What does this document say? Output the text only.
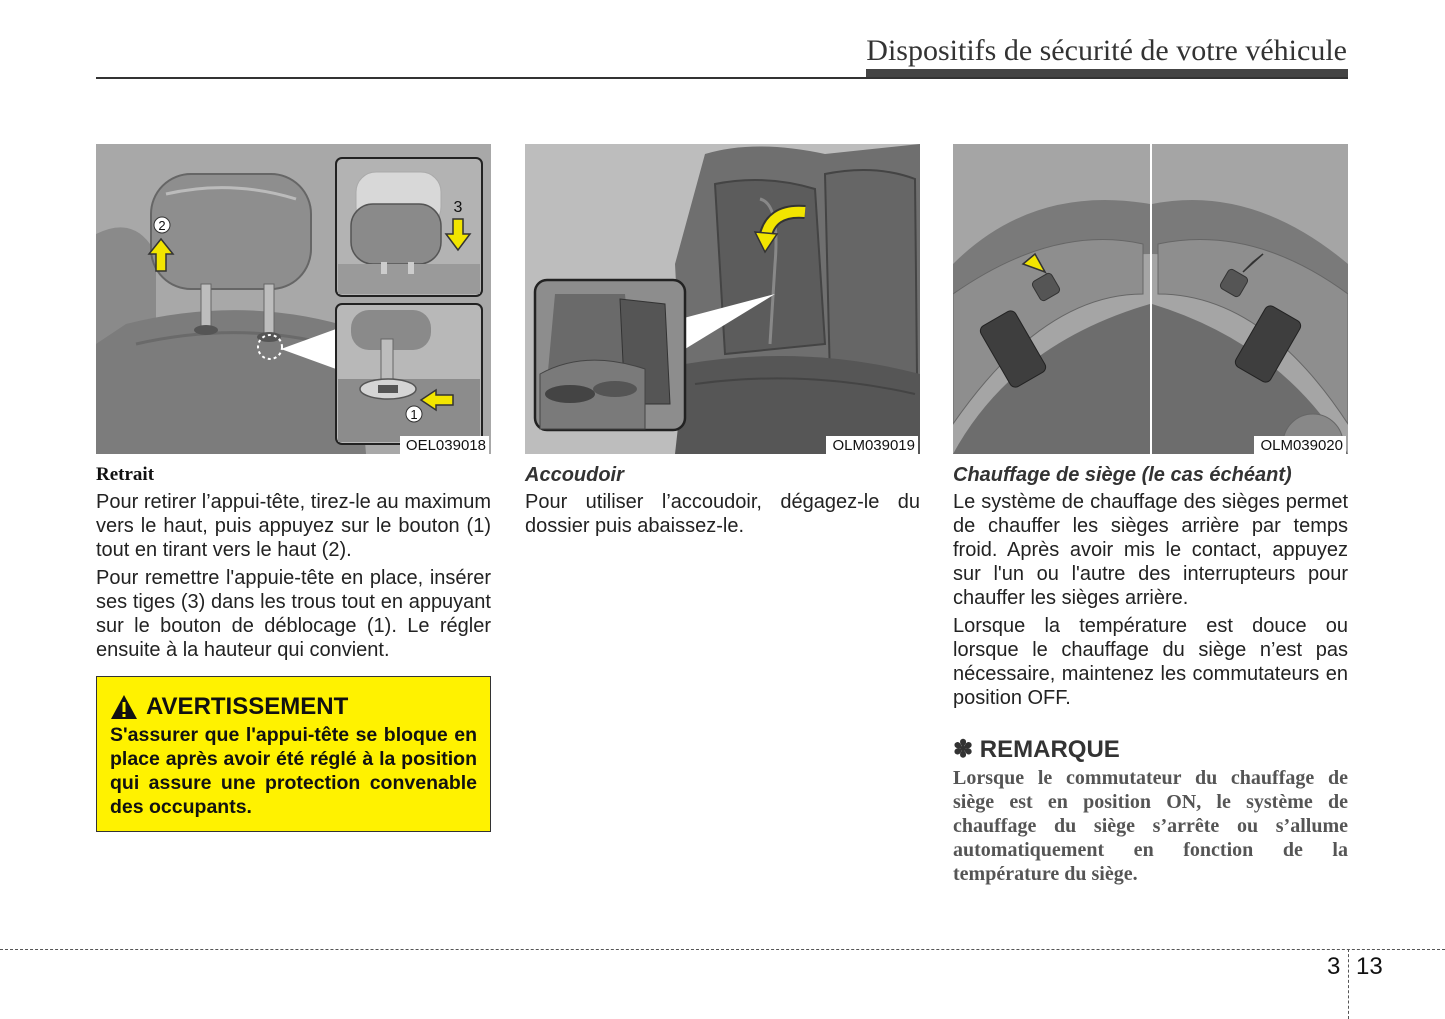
Dispositifs de sécurité de votre véhicule
2
3
1
OEL039018
Retrait
Pour retirer l’appui-tête, tirez-le au maximum vers le haut, puis appuyez sur le bouton (1) tout en tirant vers le haut (2).
Pour remettre l'appuie-tête en place, insérer ses tiges (3) dans les trous tout en appuyant sur le bouton de déblocage (1). Le régler ensuite à la hauteur qui convient.
AVERTISSEMENT
S'assurer que l'appui-tête se bloque en place après avoir été réglé à la position qui assure une protection convenable des occupants.
OLM039019
Accoudoir
Pour utiliser l’accoudoir, dégagez-le du dossier puis abaissez-le.
OLM039020
Chauffage de siège (le cas échéant)
Le système de chauffage des sièges permet de chauffer les sièges arrière par temps froid. Après avoir mis le contact, appuyez sur l'un ou l'autre des interrupteurs pour chauffer les sièges arrière.
Lorsque la température est douce ou lorsque le chauffage du siège n’est pas nécessaire, maintenez les commutateurs en position OFF.
✽ REMARQUE
Lorsque le commutateur du chauffage de siège est en position ON, le système de chauffage du siège s’arrête ou s’allume automatiquement en fonction de la température du siège.
3 13
